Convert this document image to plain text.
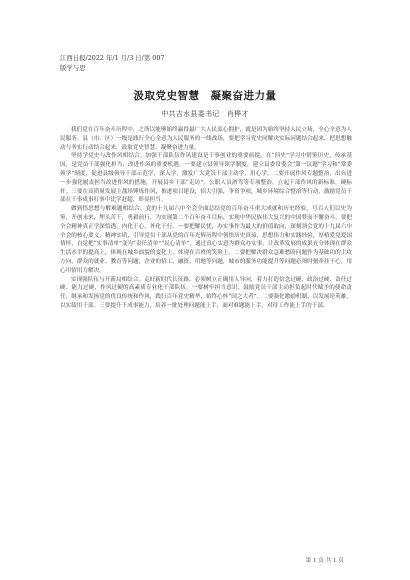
江西日报/2022 年/1 月/3 日/第 007
版学与思
汲取党史智慧　凝聚奋进力量
中共吉水县委书记　肖桦才

我们党在百年奋斗历程中，之所以能够始终赢得最广大人民衷心拥护，就是因为始终坚持人民立场，全心全意为人民服务。县（市、区）一级是践行全心全意为人民服务的一线战场，要把学习党史同解决实际问题结合起来，把思想触动与务实行动结合起来，汲取党史智慧，凝聚奋进力量。

坚持学党史与改作风相结合。加强干部队伍作风建设是干事创业的重要前提。在“四史”学习中借鉴历史，传承基因，是党员干部强化担当、改进作风的重要机遇。一要建立县领导领学制度，建立县委常委会“第一议题”学习和“常委领学”制度，促进县级领导干部示范学，深入学，激发广大党员干部主动学、用心学。二要开展作风专题整治，出台进一步强化履责担当改进作风的措施，开展县乡干部“走访”，公职人员酒驾等专项整治，立起干部作风的新标准，硬标杆。三要在高质量发展主战场锤炼作风，推进项目建设，招大引强，争资争项，城乡环境综合整治等行动，激励党员干部在干事成事打事中比学赶超，彰显担当。

做到悟思想与解难题相结合。党的十九届六中全会全面总结党的百年奋斗重大成就和历史经验，号召人们以史为鉴，开创未来，埋头苦干，勇毅前行，为实现第二个百年奋斗目标，实现中华民族伟大复兴的中国梦而不懈奋斗。要把全会精神真正学深悟透，内化于心，外化于行。一要把解民忧，办实事作为最大的价值取向，深刻领会党的十九届六中全会的核心要义，精神实质，引导党员干部从党的百年光辉历程中领悟历史真谛，思想伟力和实践经验，厚植爱党爱国情怀，自觉把“实事清单”变为“责任清单”“民心清单”，通过真心实意为群众办实事，让改革发展的成果充分体现在群众生活水平的提高上，体现在城乡面貌的变化上，体现在百姓的笑脸上。二要把解决群众急难愁盼问题作为基础功的主攻方向，群众的就业、教育等问题，企业的招工、融资、用地等问题，城市的服务功能提升等问题必须时刻牵挂于心，用心用情用力解决。

实现强队伍与开新局相结合。走好新时代长征路，必须树立正确用人导向，着力打造信念过硬、政治过硬、责任过硬、能力过硬、作风过硬的高素质专业化干部队伍。一要树牢担当意识，鼓励党员干部主动担负起时代赋予的使命责任，继承和发扬党的优良传统和作风，践行百年党史精华，始终心怀“国之大者”。二要强化激励机制，以发展论英雄，以实绩用干部。三要提升干成事能力，培养一批处理问题能上手，面对难题能上手，对待工作能上手的干部。

第 1 页 共 1 页
